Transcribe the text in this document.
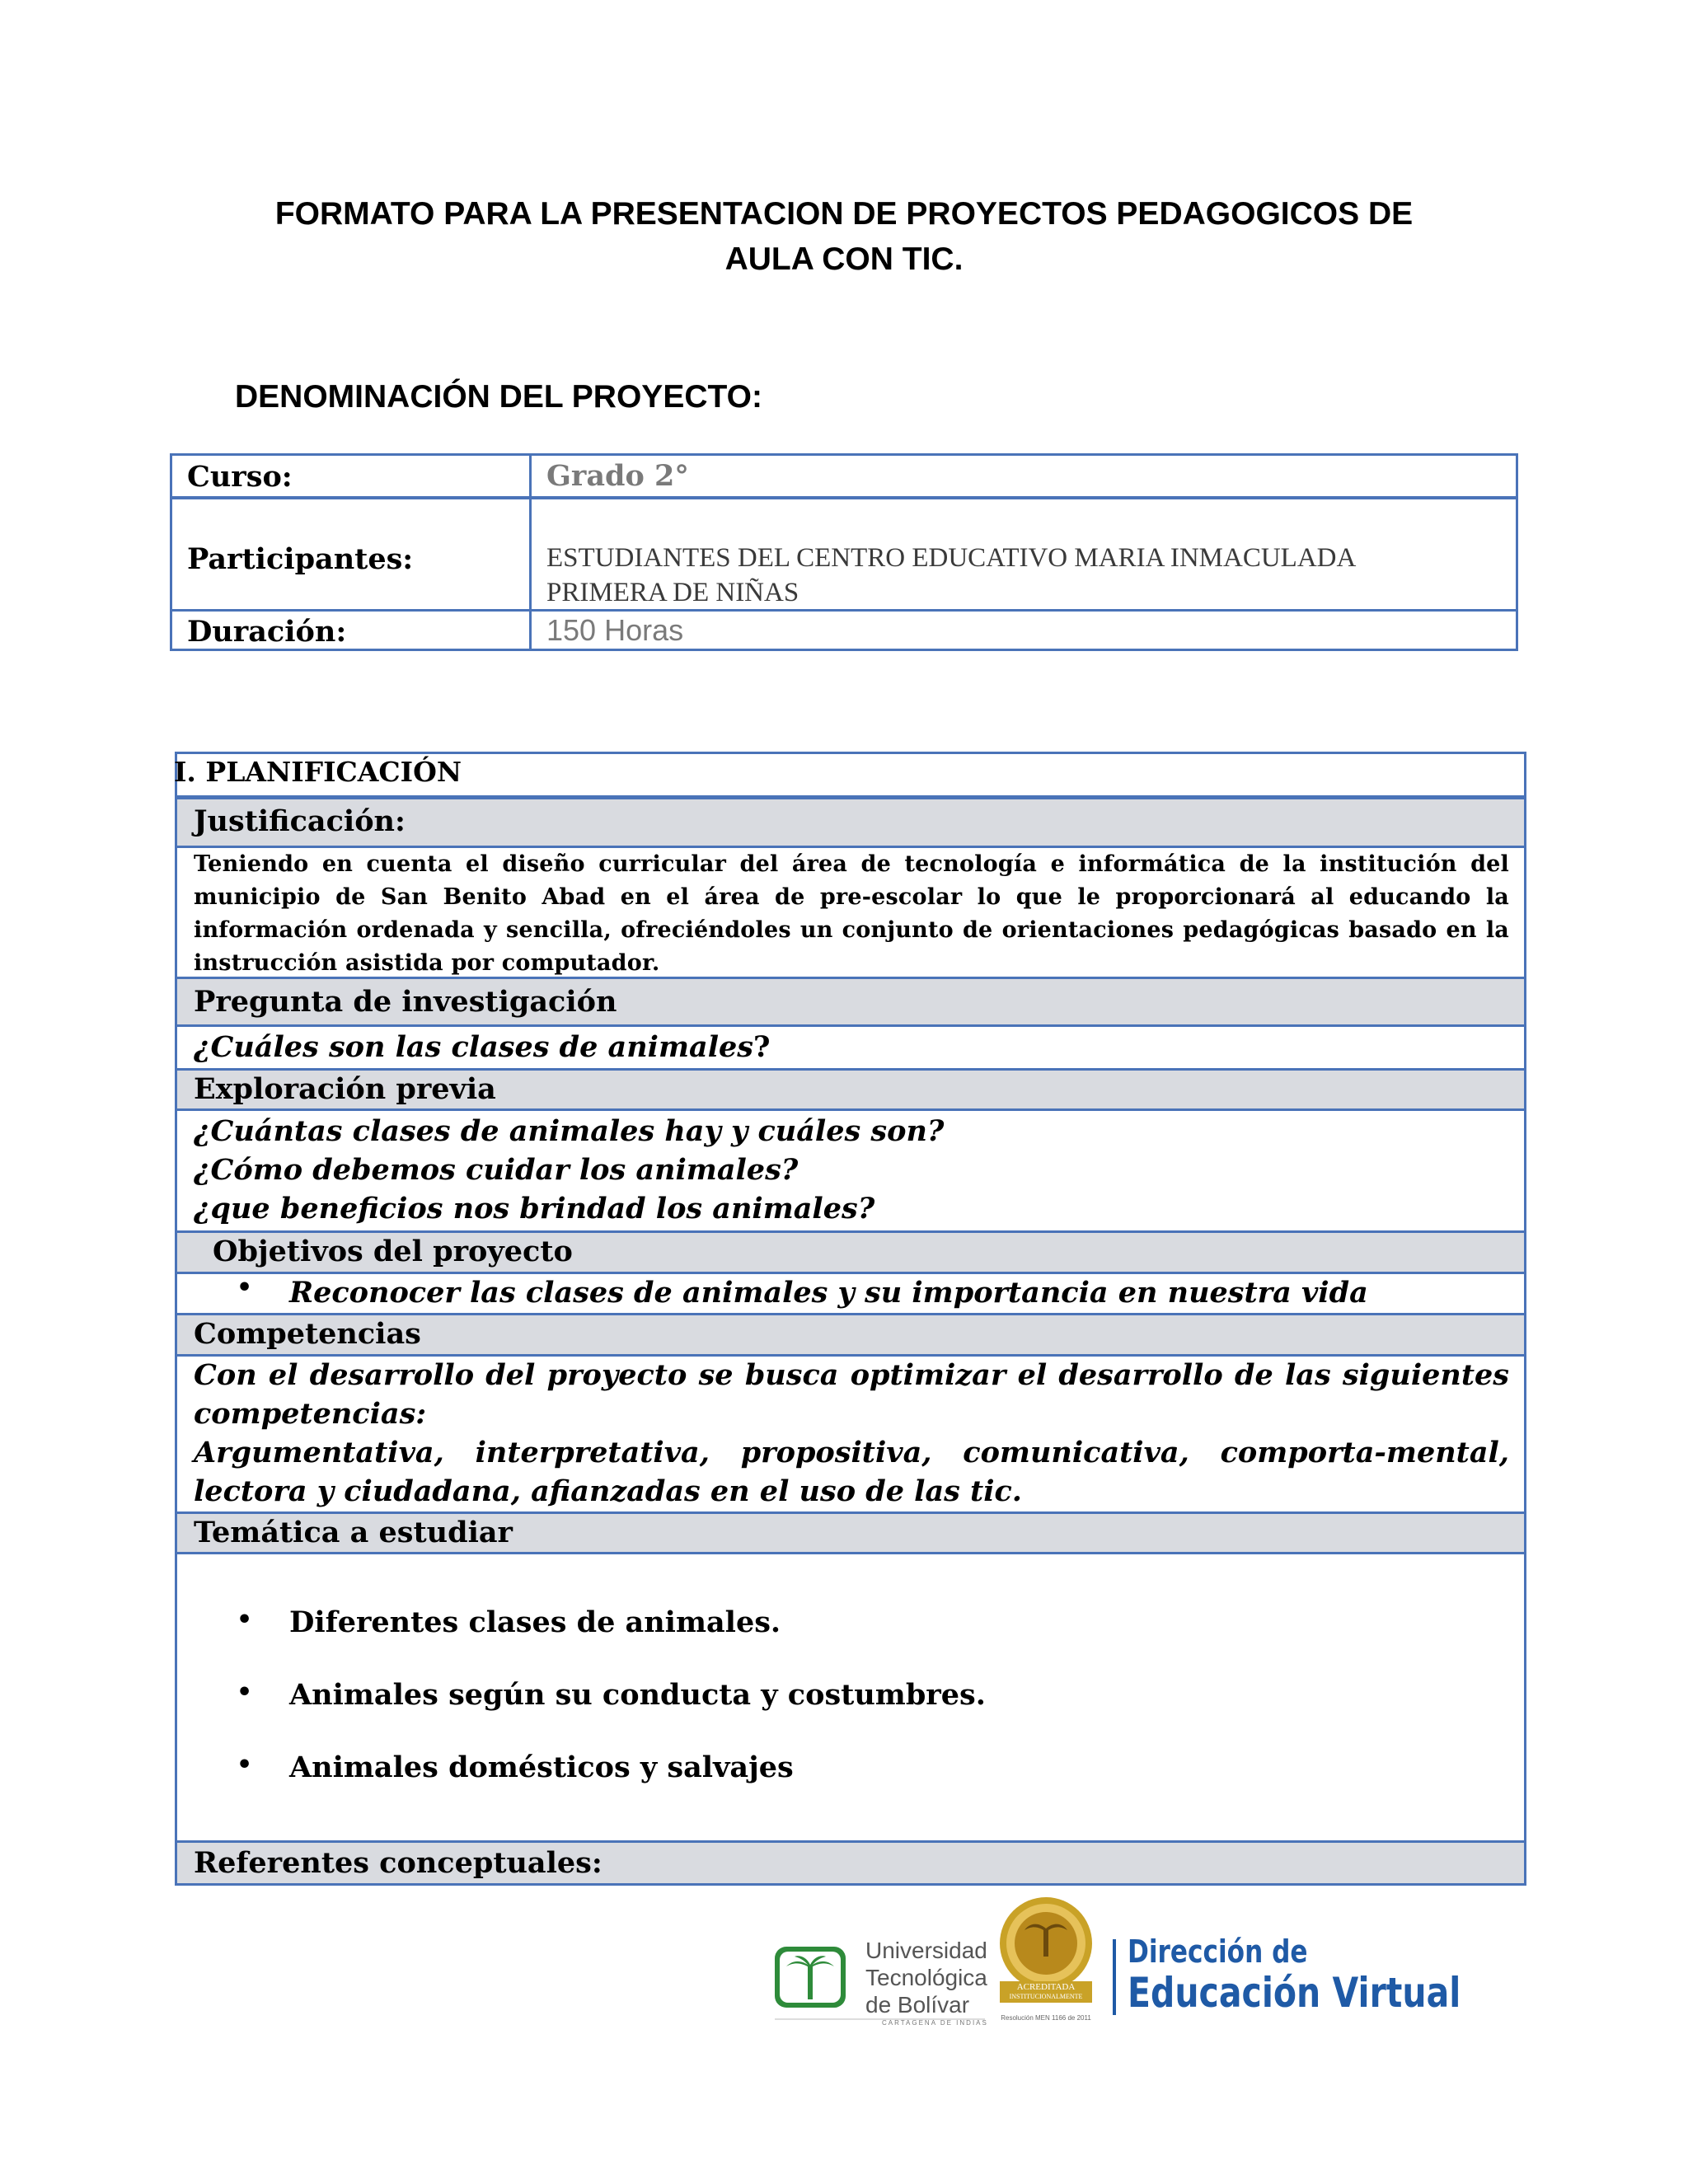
FORMATO PARA LA PRESENTACION DE PROYECTOS PEDAGOGICOS DE
AULA CON TIC.
DENOMINACIÓN DEL PROYECTO:
Curso:	Grado 2°
Participantes:	ESTUDIANTES DEL CENTRO EDUCATIVO MARIA INMACULADA
PRIMERA DE NIÑAS
Duración:	150 Horas
I. PLANIFICACIÓN
Justificación:
Teniendo en cuenta el diseño curricular del área de tecnología e informática de la institución del municipio de San Benito Abad en el área de pre-escolar lo que le proporcionará al educando la información ordenada y sencilla, ofreciéndoles un conjunto de orientaciones pedagógicas basado en la instrucción asistida por computador.
Pregunta de investigación
¿Cuáles son las clases de animales?
Exploración previa
¿Cuántas clases de animales hay y cuáles son?
¿Cómo debemos cuidar los animales?
¿que beneficios nos brindad los animales?
Objetivos del proyecto
• Reconocer las clases de animales y su importancia en nuestra vida
Competencias
Con el desarrollo del proyecto se busca optimizar el desarrollo de las siguientes competencias:
Argumentativa, interpretativa, propositiva, comunicativa, comporta-mental, lectora y ciudadana, afianzadas en el uso de las tic.
Temática a estudiar
• Diferentes clases de animales.
• Animales según su conducta y costumbres.
• Animales domésticos y salvajes
Referentes conceptuales:
Universidad
Tecnológica
de Bolívar
CARTAGENA DE INDIAS
ACREDITADA
INSTITUCIONALMENTE
Resolución MEN 1166 de 2011
Dirección de
Educación Virtual
